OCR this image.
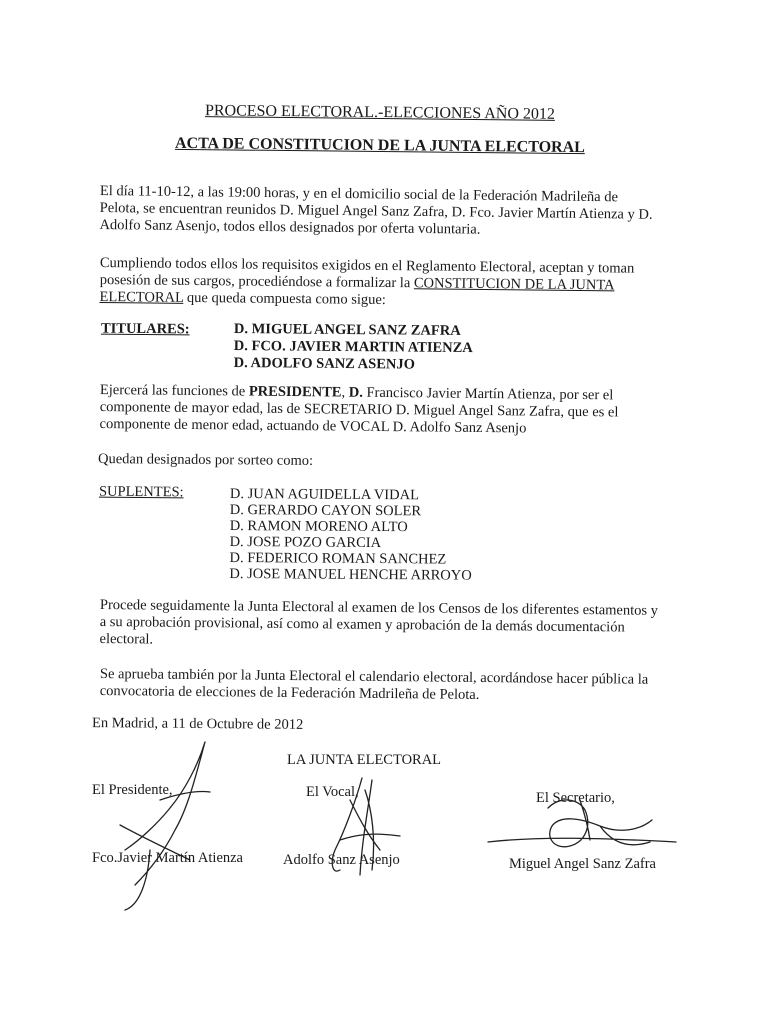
PROCESO ELECTORAL.-ELECCIONES AÑO 2012

ACTA DE CONSTITUCION DE LA JUNTA ELECTORAL

El día 11-10-12, a las 19:00 horas, y en el domicilio social de la Federación Madrileña de
Pelota, se encuentran reunidos D. Miguel Angel Sanz Zafra, D. Fco. Javier Martín Atienza y D.
Adolfo Sanz Asenjo, todos ellos designados por oferta voluntaria.
Cumpliendo todos ellos los requisitos exigidos en el Reglamento Electoral, aceptan y toman
posesión de sus cargos, procediéndose a formalizar la CONSTITUCION DE LA JUNTA
ELECTORAL que queda compuesta como sigue:

TITULARES:	D. MIGUEL ANGEL SANZ ZAFRA
D. FCO. JAVIER MARTIN ATIENZA
D. ADOLFO SANZ ASENJO
Ejercerá las funciones de PRESIDENTE, D. Francisco Javier Martín Atienza, por ser el
componente de mayor edad, las de SECRETARIO D. Miguel Angel Sanz Zafra, que es el
componente de menor edad, actuando de VOCAL D. Adolfo Sanz Asenjo

Quedan designados por sorteo como:

SUPLENTES:	D. JUAN AGUIDELLA VIDAL
D. GERARDO CAYON SOLER
D. RAMON MORENO ALTO
D. JOSE POZO GARCIA
D. FEDERICO ROMAN SANCHEZ
D. JOSE MANUEL HENCHE ARROYO
Procede seguidamente la Junta Electoral al examen de los Censos de los diferentes estamentos y
a su aprobación provisional, así como al examen y aprobación de la demás documentación
electoral.
Se aprueba también por la Junta Electoral el calendario electoral, acordándose hacer pública la
convocatoria de elecciones de la Federación Madrileña de Pelota.

En Madrid, a 11 de Octubre de 2012

LA JUNTA ELECTORAL

El Presidente,	El Vocal,	El Secretario,

Fco.Javier Martín Atienza	Adolfo Sanz Asenjo	Miguel Angel Sanz Zafra
